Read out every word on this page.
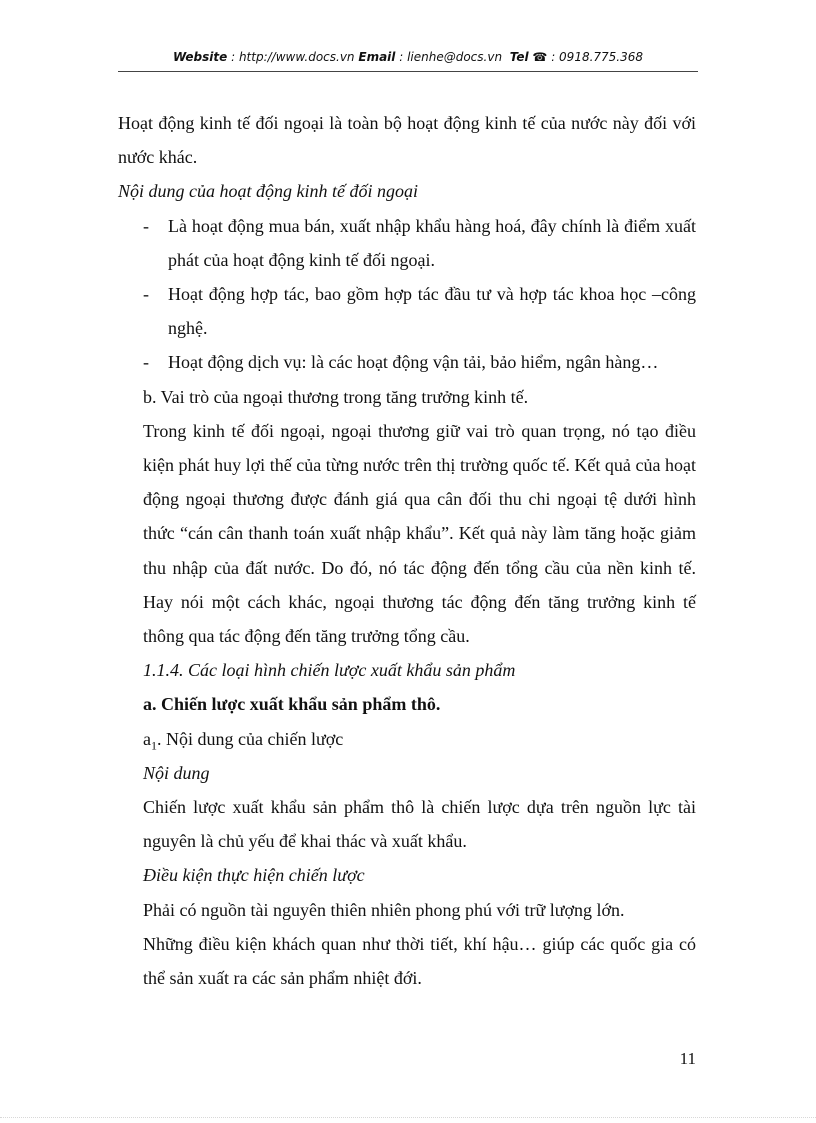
Website : http://www.docs.vn Email : lienhe@docs.vn Tel ☎ : 0918.775.368

Hoạt động kinh tế đối ngoại là toàn bộ hoạt động kinh tế của nước này đối với nước khác.

Nội dung của hoạt động kinh tế đối ngoại

-	Là hoạt động mua bán, xuất nhập khẩu hàng hoá, đây chính là điểm xuất phát của hoạt động kinh tế đối ngoại.
-	Hoạt động hợp tác, bao gồm hợp tác đầu tư và hợp tác khoa học –công nghệ.
-	Hoạt động dịch vụ: là các hoạt động vận tải, bảo hiểm, ngân hàng…

b. Vai trò của ngoại thương trong tăng trưởng kinh tế.

Trong kinh tế đối ngoại, ngoại thương giữ vai trò quan trọng, nó tạo điều kiện phát huy lợi thế của từng nước trên thị trường quốc tế. Kết quả của hoạt động ngoại thương được đánh giá qua cân đối thu chi ngoại tệ dưới hình thức “cán cân thanh toán xuất nhập khẩu”. Kết quả này làm tăng hoặc giảm thu nhập của đất nước. Do đó, nó tác động đến tổng cầu của nền kinh tế. Hay nói một cách khác, ngoại thương tác động đến tăng trưởng kinh tế thông qua tác động đến tăng trưởng tổng cầu.

1.1.4. Các loại hình chiến lược xuất khẩu sản phẩm

a. Chiến lược xuất khẩu sản phẩm thô.

$a_1$. Nội dung của chiến lược

Nội dung

Chiến lược xuất khẩu sản phẩm thô là chiến lược dựa trên nguồn lực tài nguyên là chủ yếu để khai thác và xuất khẩu.

Điều kiện thực hiện chiến lược

Phải có nguồn tài nguyên thiên nhiên phong phú với trữ lượng lớn.

Những điều kiện khách quan như thời tiết, khí hậu… giúp các quốc gia có thể sản xuất ra các sản phẩm nhiệt đới.

11
